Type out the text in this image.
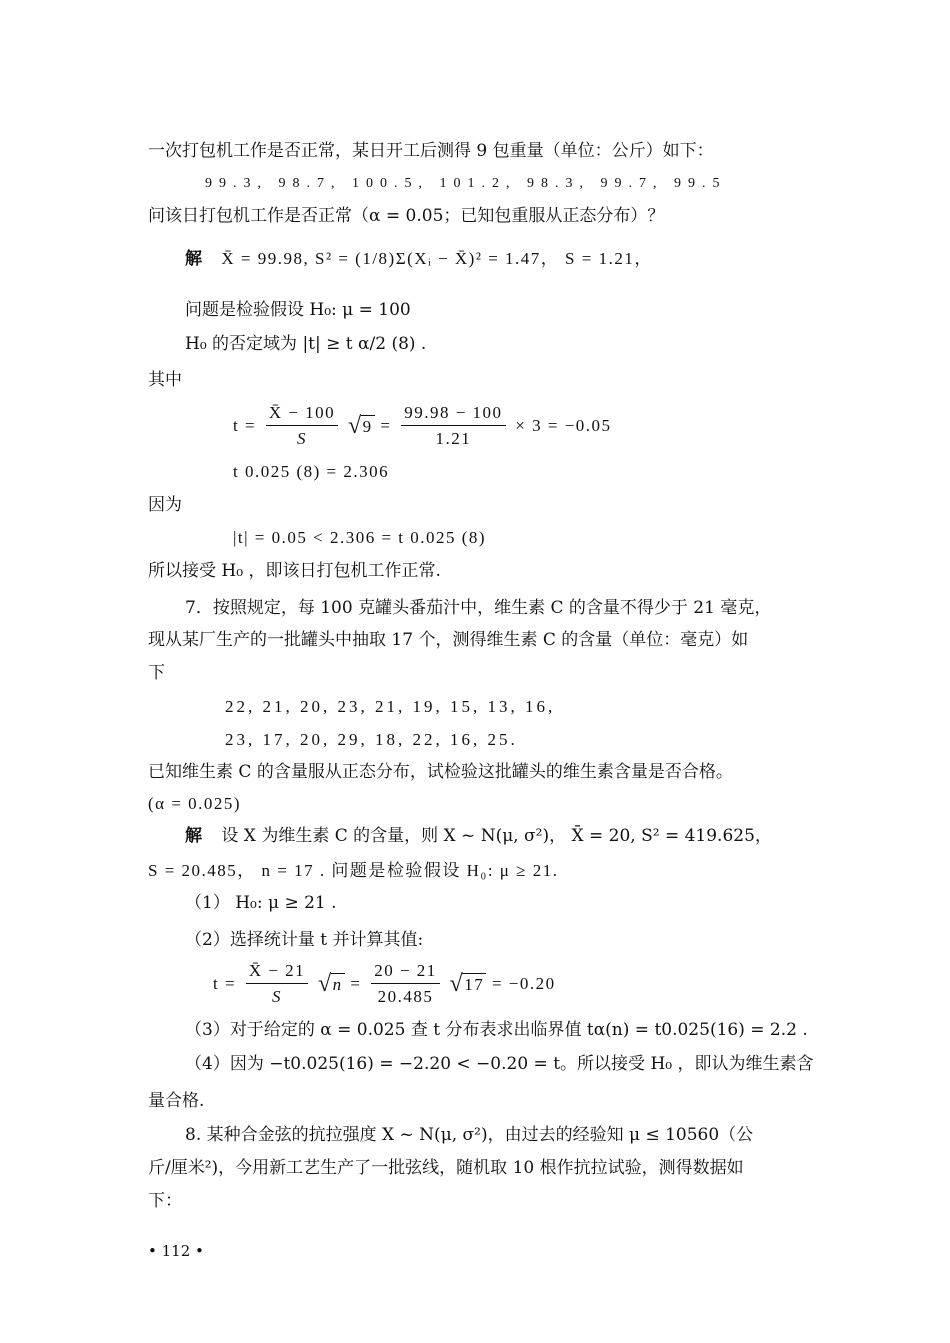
一次打包机工作是否正常，某日开工后测得 9 包重量（单位：公斤）如下：
99.3, 98.7, 100.5, 101.2, 98.3, 99.7, 99.5
问该日打包机工作是否正常（α = 0.05；已知包重服从正态分布）？
解 X̄ = 99.98, S² = (1/8)Σ(Xᵢ − X̄)² = 1.47， S = 1.21，
问题是检验假设 H₀: μ = 100
H₀ 的否定域为 |t| ≥ t α/2 (8) .
其中
$t = \frac{X̄ - 100}{S} √9 = \frac{99.98 - 100}{1.21} \times 3 = -0.05$
t 0.025 (8) = 2.306
因为
|t| = 0.05 < 2.306 = t 0.025 (8)
所以接受 H₀ ，即该日打包机工作正常.
7．按照规定，每 100 克罐头番茄汁中，维生素 C 的含量不得少于 21 毫克，
现从某厂生产的一批罐头中抽取 17 个，测得维生素 C 的含量（单位：毫克）如
下
22, 21, 20, 23, 21, 19, 15, 13, 16,
23, 17, 20, 29, 18, 22, 16, 25.
已知维生素 C 的含量服从正态分布，试检验这批罐头的维生素含量是否合格。
(α = 0.025)
解 设 X 为维生素 C 的含量，则 X ~ N(μ, σ²)， X̄ = 20, S² = 419.625，
S = 20.485， n = 17 . 问题是检验假设 H₀: μ ≥ 21.
（1） H₀: μ ≥ 21 .
（2）选择统计量 t 并计算其值:
$t = \frac{X̄ - 21}{S} √n = \frac{20 - 21}{20.485} √17 = -0.20$
（3）对于给定的 α = 0.025 查 t 分布表求出临界值 tα(n) = t0.025(16) = 2.2 .
（4）因为 −t0.025(16) = −2.20 < −0.20 = t。所以接受 H₀ ，即认为维生素含
量合格.
8. 某种合金弦的抗拉强度 X ~ N(μ, σ²)，由过去的经验知 μ ≤ 10560（公
斤/厘米²)，今用新工艺生产了一批弦线，随机取 10 根作抗拉试验，测得数据如
下：
• 112 •
